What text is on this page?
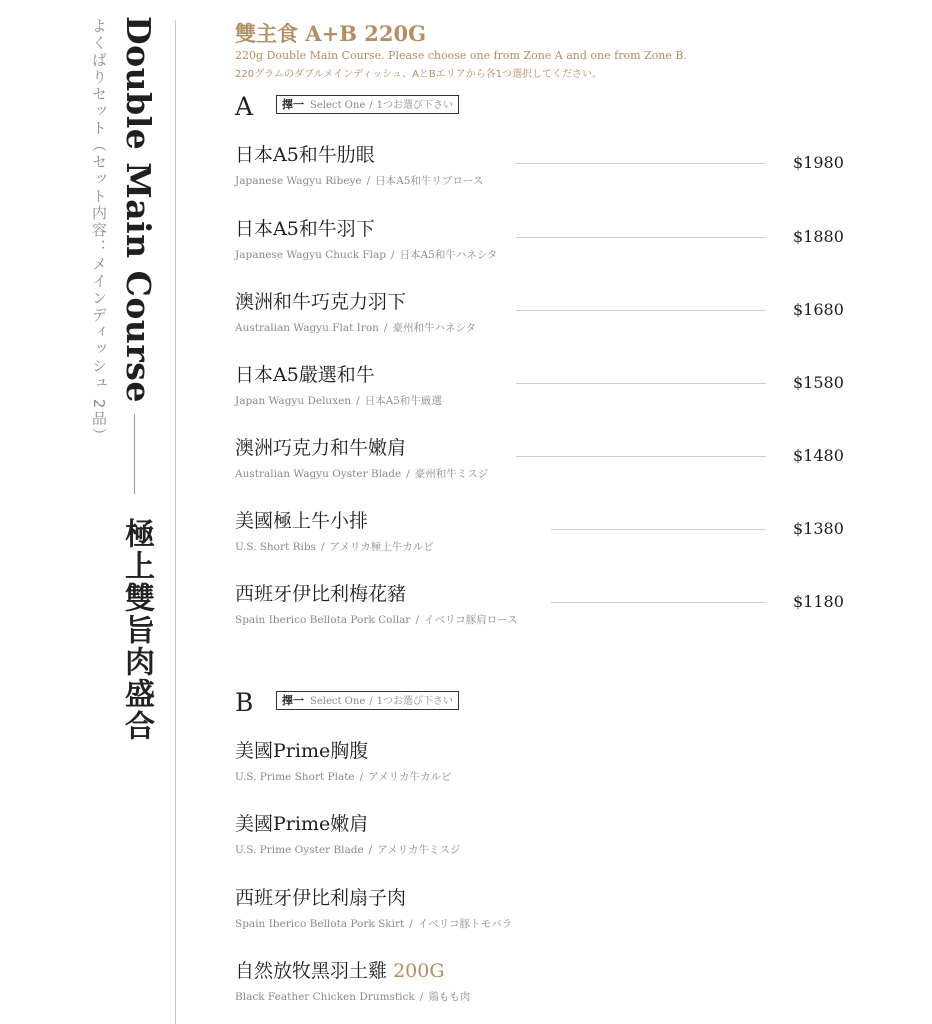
よくばりセット（セット内容：メインディッシュ 2品） Double Main Course
極上雙旨肉盛合
雙主食 A+B 220G
220g Double Main Course. Please choose one from Zone A and one from Zone B.
220グラムのダブルメインディッシュ、AとBエリアから各1つ選択してください。
A	擇一 Select One / 1つお選び下さい
日本A5和牛肋眼
Japanese Wagyu Ribeye / 日本A5和牛リブロース
$1980
日本A5和牛羽下
Japanese Wagyu Chuck Flap / 日本A5和牛ハネシタ
$1880
澳洲和牛巧克力羽下
Australian Wagyu Flat Iron / 豪州和牛ハネシタ
$1680
日本A5嚴選和牛
Japan Wagyu Deluxen / 日本A5和牛厳選
$1580
澳洲巧克力和牛嫩肩
Australian Wagyu Oyster Blade / 豪州和牛ミスジ
$1480
美國極上牛小排
U.S. Short Ribs / アメリカ極上牛カルビ
$1380
西班牙伊比利梅花豬
Spain Iberico Bellota Pork Collar / イベリコ豚肩ロース
$1180
B	擇一 Select One / 1つお選び下さい
美國Prime胸腹
U.S. Prime Short Plate / アメリカ牛カルビ
美國Prime嫩肩
U.S. Prime Oyster Blade / アメリカ牛ミスジ
西班牙伊比利扇子肉
Spain Iberico Bellota Pork Skirt / イベリコ豚トモバラ
自然放牧黑羽土雞 200G
Black Feather Chicken Drumstick / 鶏もも肉
